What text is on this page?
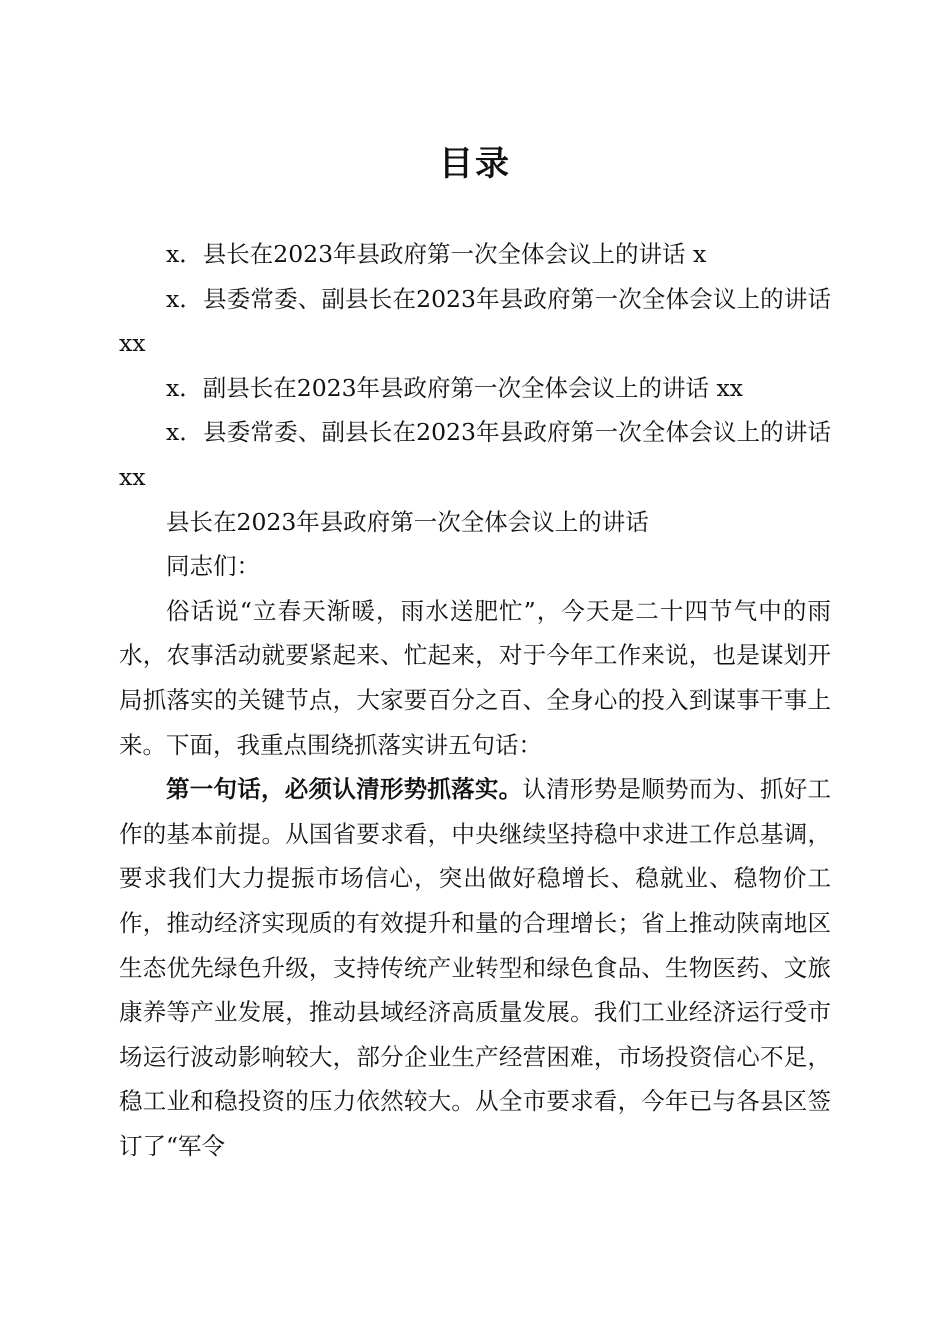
目录

x．县长在2023年县政府第一次全体会议上的讲话 x

x．县委常委、副县长在2023年县政府第一次全体会议上的讲话 xx

x．副县长在2023年县政府第一次全体会议上的讲话 xx

x．县委常委、副县长在2023年县政府第一次全体会议上的讲话 xx

县长在2023年县政府第一次全体会议上的讲话

同志们：

俗话说“立春天渐暖，雨水送肥忙”，今天是二十四节气中的雨水，农事活动就要紧起来、忙起来，对于今年工作来说，也是谋划开局抓落实的关键节点，大家要百分之百、全身心的投入到谋事干事上来。下面，我重点围绕抓落实讲五句话：

第一句话，必须认清形势抓落实。认清形势是顺势而为、抓好工作的基本前提。从国省要求看，中央继续坚持稳中求进工作总基调，要求我们大力提振市场信心，突出做好稳增长、稳就业、稳物价工作，推动经济实现质的有效提升和量的合理增长；省上推动陕南地区生态优先绿色升级，支持传统产业转型和绿色食品、生物医药、文旅康养等产业发展，推动县域经济高质量发展。我们工业经济运行受市场运行波动影响较大，部分企业生产经营困难，市场投资信心不足，稳工业和稳投资的压力依然较大。从全市要求看，今年已与各县区签订了“军令
